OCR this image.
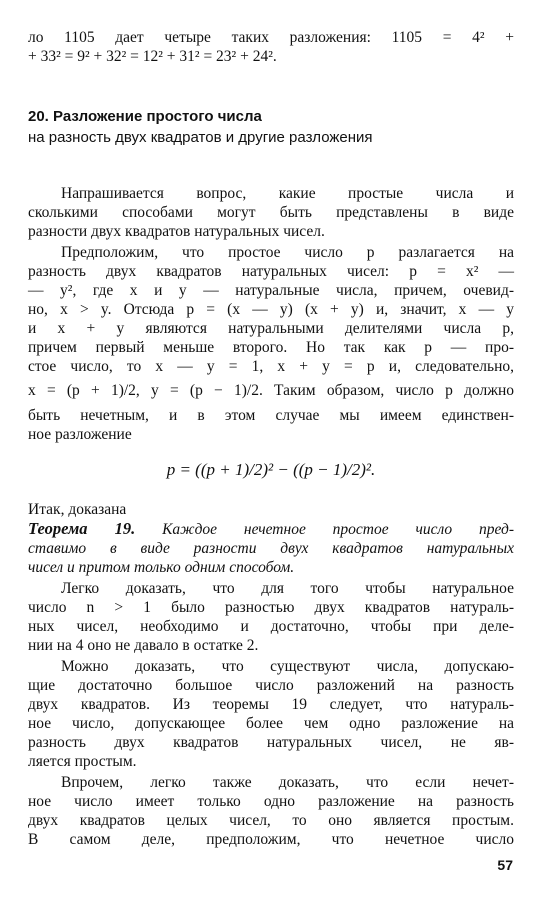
ло 1105 дает четыре таких разложения: 1105 = 4² +
+ 33² = 9² + 32² = 12² + 31² = 23² + 24².
20. Разложение простого числа
на разность двух квадратов и другие разложения
Напрашивается вопрос, какие простые числа и
сколькими способами могут быть представлены в виде
разности двух квадратов натуральных чисел.
Предположим, что простое число p разлагается на
разность двух квадратов натуральных чисел: p = x² —
— y², где x и y — натуральные числа, причем, очевид-
но, x > y. Отсюда p = (x — y) (x + y) и, значит, x — y
и x + y являются натуральными делителями числа p,
причем первый меньше второго. Но так как p — про-
стое число, то x — y = 1, x + y = p и, следовательно,
x = (p + 1)/2, y = (p − 1)/2. Таким образом, число p должно
быть нечетным, и в этом случае мы имеем единствен-
ное разложение
p = ((p + 1)/2)² − ((p − 1)/2)².
Итак, доказана
Теорема 19. Каждое нечетное простое число пред-
ставимо в виде разности двух квадратов натуральных
чисел и притом только одним способом.
Легко доказать, что для того чтобы натуральное
число n > 1 было разностью двух квадратов натураль-
ных чисел, необходимо и достаточно, чтобы при деле-
нии на 4 оно не давало в остатке 2.
Можно доказать, что существуют числа, допускаю-
щие достаточно большое число разложений на разность
двух квадратов. Из теоремы 19 следует, что натураль-
ное число, допускающее более чем одно разложение на
разность двух квадратов натуральных чисел, не яв-
ляется простым.
Впрочем, легко также доказать, что если нечет-
ное число имеет только одно разложение на разность
двух квадратов целых чисел, то оно является простым.
В самом деле, предположим, что нечетное число
57
